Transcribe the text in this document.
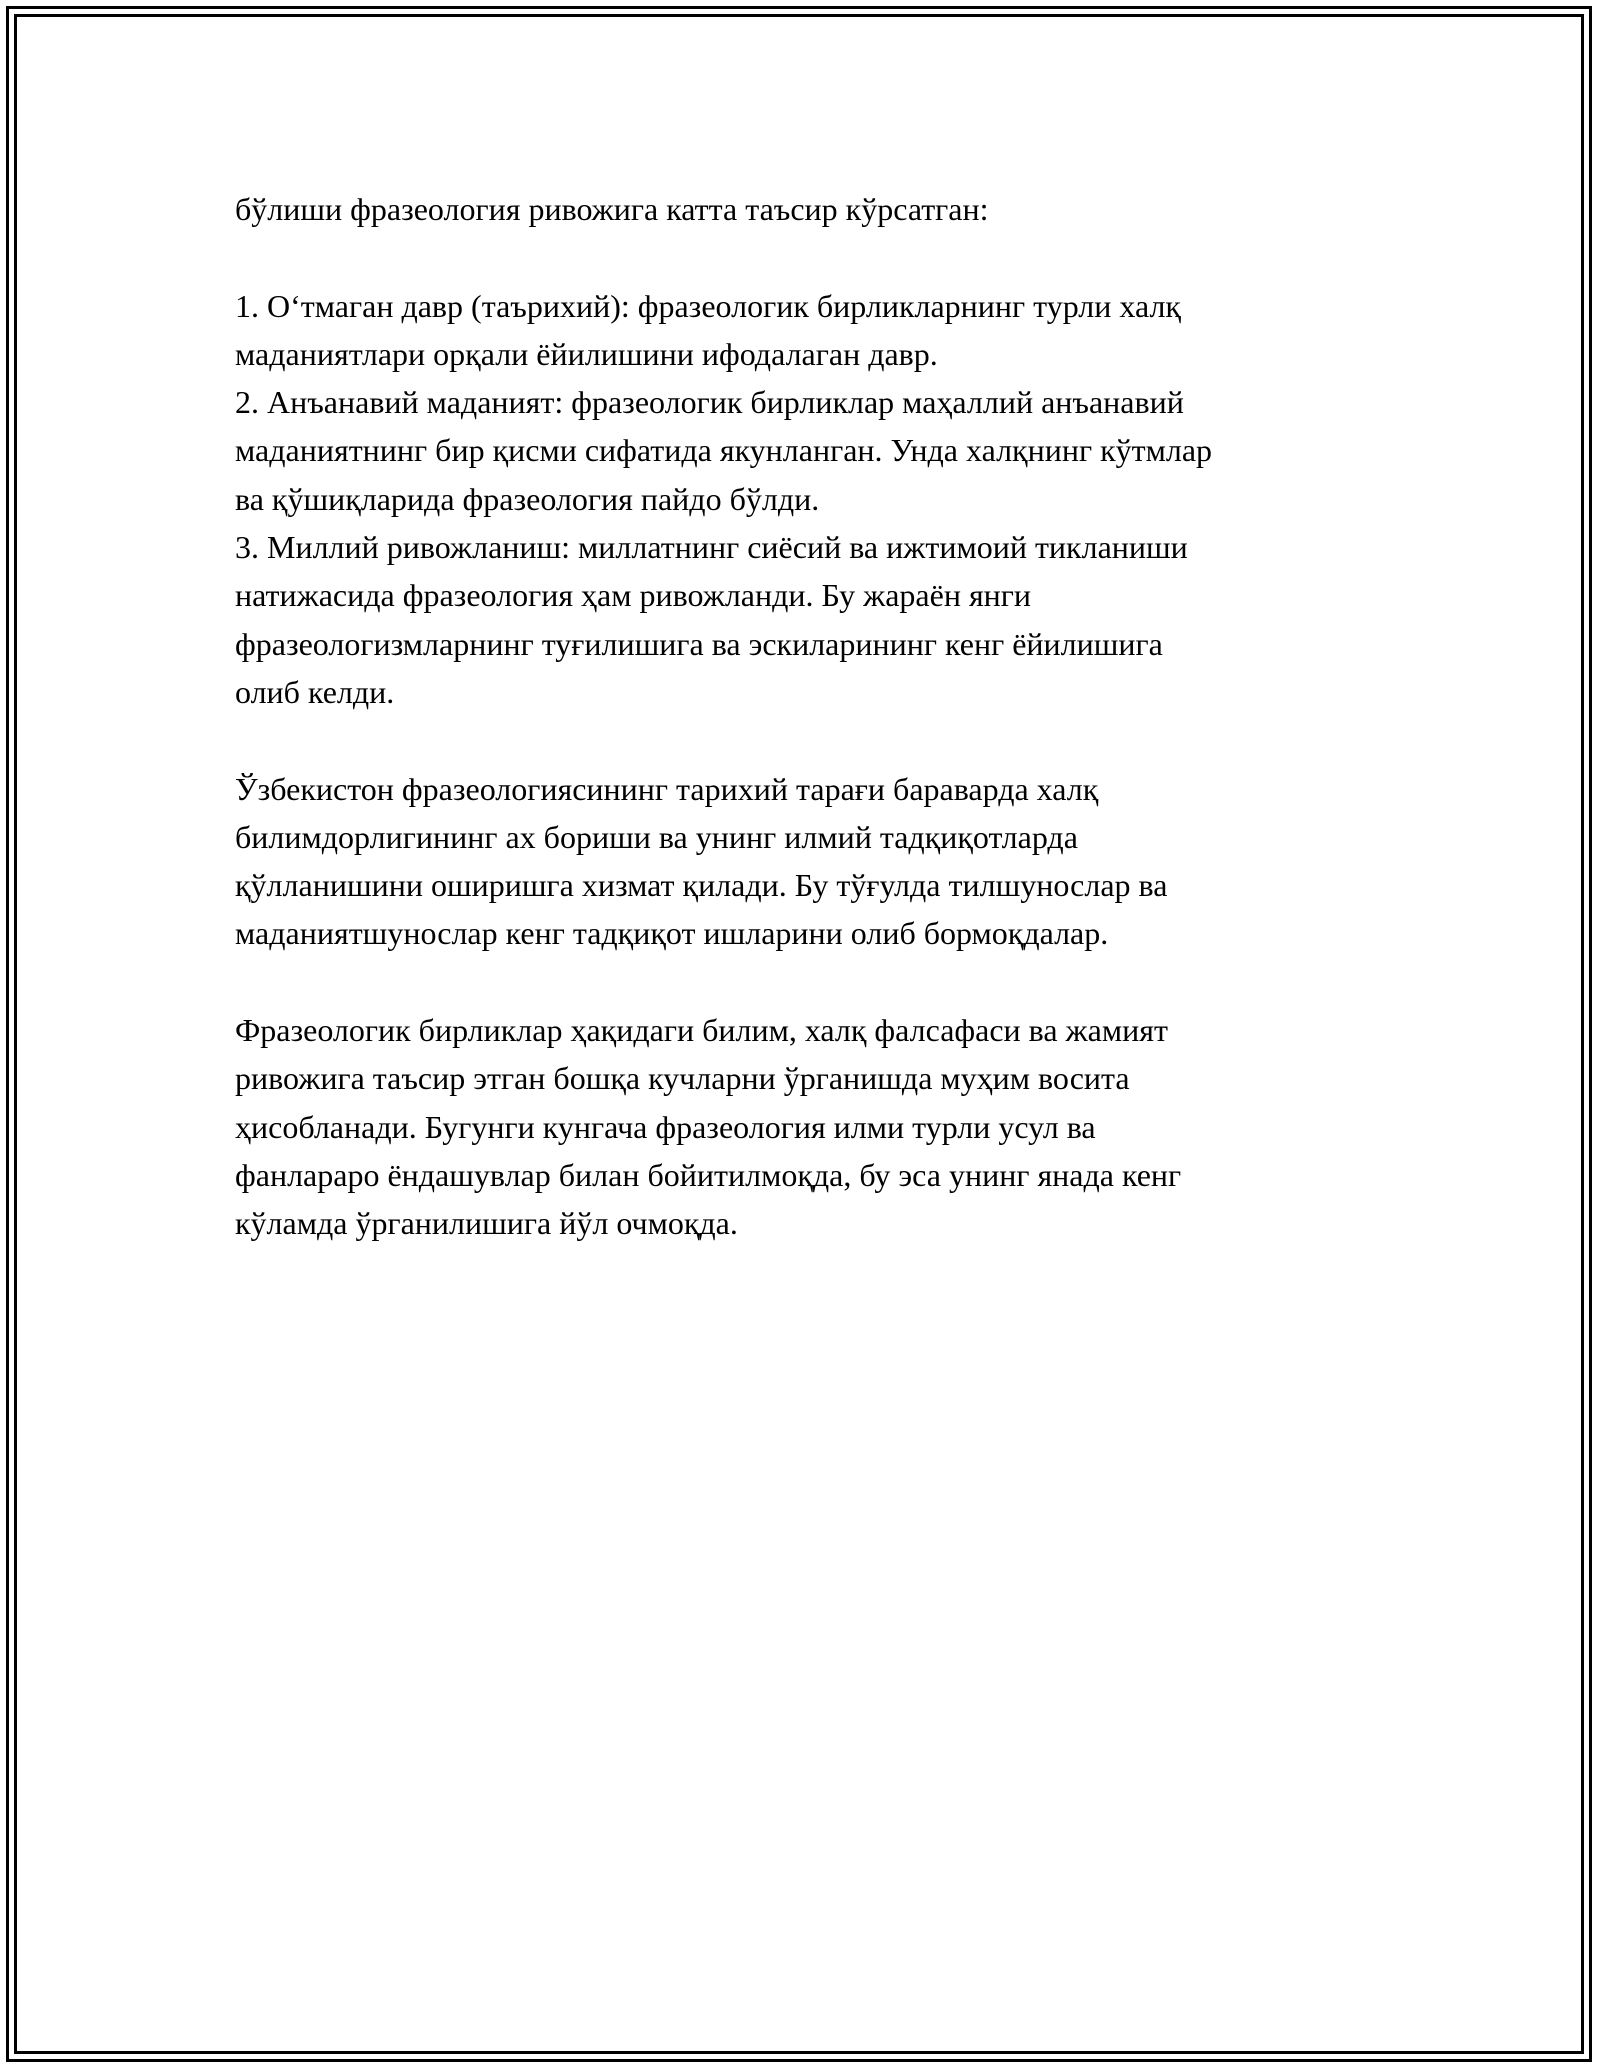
бўлиши фразеология ривожига катта таъсир кўрсатган:

1. Оʻтмаган давр (таърихий): фразеологик бирликларнинг турли халқ

маданиятлари орқали ёйилишини ифодалаган давр.

2. Анъанавий маданият: фразеологик бирликлар маҳаллий анъанавий

маданиятнинг бир қисми сифатида якунланган. Унда халқнинг кўтмлар

ва қўшиқларида фразеология пайдо бўлди.

3. Миллий ривожланиш: миллатнинг сиёсий ва ижтимоий тикланиши

натижасида фразеология ҳам ривожланди. Бу жараён янги

фразеологизмларнинг туғилишига ва эскиларининг кенг ёйилишига

олиб келди.

Ўзбекистон фразеологиясининг тарихий тарағи бараварда халқ

билимдорлигининг ах бориши ва унинг илмий тадқиқотларда

қўлланишини оширишга хизмат қилади. Бу тўғулда тилшунослар ва

маданиятшунослар кенг тадқиқот ишларини олиб бормоқдалар.

Фразеологик бирликлар ҳақидаги билим, халқ фалсафаси ва жамият

ривожига таъсир этган бошқа кучларни ўрганишда муҳим восита

ҳисобланади. Бугунги кунгача фразеология илми турли усул ва

фанлараро ёндашувлар билан бойитилмоқда, бу эса унинг янада кенг

кўламда ўрганилишига йўл очмоқда.
